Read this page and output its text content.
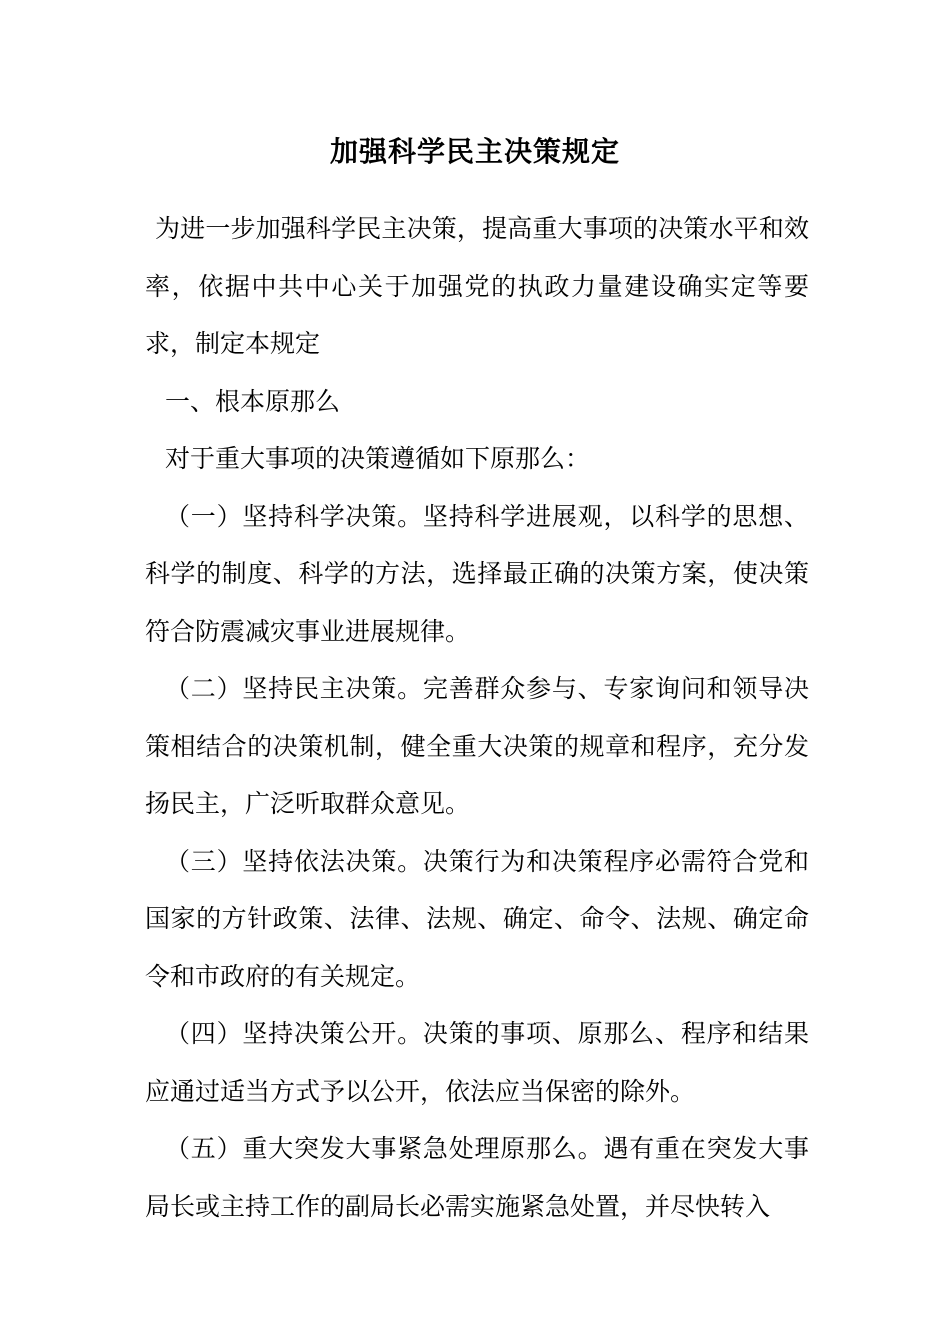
加强科学民主决策规定

为进一步加强科学民主决策，提高重大事项的决策水平和效率，依据中共中心关于加强党的执政力量建设确实定等要求，制定本规定

一、根本原那么

对于重大事项的决策遵循如下原那么：

（一）坚持科学决策。坚持科学进展观，以科学的思想、科学的制度、科学的方法，选择最正确的决策方案，使决策符合防震减灾事业进展规律。

（二）坚持民主决策。完善群众参与、专家询问和领导决策相结合的决策机制，健全重大决策的规章和程序，充分发扬民主，广泛听取群众意见。

（三）坚持依法决策。决策行为和决策程序必需符合党和国家的方针政策、法律、法规、确定、命令、法规、确定命令和市政府的有关规定。

（四）坚持决策公开。决策的事项、原那么、程序和结果应通过适当方式予以公开，依法应当保密的除外。

（五）重大突发大事紧急处理原那么。遇有重在突发大事局长或主持工作的副局长必需实施紧急处置，并尽快转入
